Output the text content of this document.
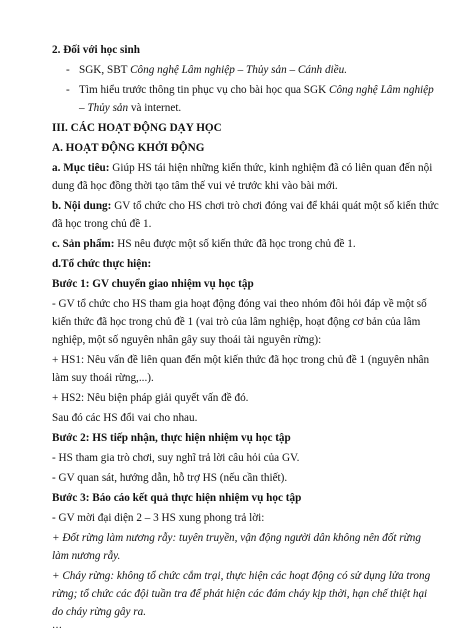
2. Đối với học sinh
- SGK, SBT Công nghệ Lâm nghiệp – Thủy sản – Cánh diều.
- Tìm hiểu trước thông tin phục vụ cho bài học qua SGK Công nghệ Lâm nghiệp
– Thủy sản và internet.
III. CÁC HOẠT ĐỘNG DẠY HỌC
A. HOẠT ĐỘNG KHỞI ĐỘNG
a. Mục tiêu: Giúp HS tái hiện những kiến thức, kinh nghiệm đã có liên quan đến nội
dung đã học đồng thời tạo tâm thế vui vẻ trước khi vào bài mới.
b. Nội dung: GV tổ chức cho HS chơi trò chơi đóng vai để khái quát một số kiến thức
đã học trong chủ đề 1.
c. Sản phẩm: HS nêu được một số kiến thức đã học trong chủ đề 1.
d.Tổ chức thực hiện:
Bước 1: GV chuyển giao nhiệm vụ học tập
- GV tổ chức cho HS tham gia hoạt động đóng vai theo nhóm đôi hỏi đáp về một số
kiến thức đã học trong chủ đề 1 (vai trò của lâm nghiệp, hoạt động cơ bản của lâm
nghiệp, một số nguyên nhân gây suy thoái tài nguyên rừng):
+ HS1: Nêu vấn đề liên quan đến một kiến thức đã học trong chủ đề 1 (nguyên nhân
làm suy thoái rừng,...).
+ HS2: Nêu biện pháp giải quyết vấn đề đó.
Sau đó các HS đổi vai cho nhau.
Bước 2: HS tiếp nhận, thực hiện nhiệm vụ học tập
- HS tham gia trò chơi, suy nghĩ trả lời câu hỏi của GV.
- GV quan sát, hướng dẫn, hỗ trợ HS (nếu cần thiết).
Bước 3: Báo cáo kết quả thực hiện nhiệm vụ học tập
- GV mời đại diện 2 – 3 HS xung phong trả lời:
+ Đốt rừng làm nương rẫy: tuyên truyền, vận động người dân không nên đốt rừng
làm nương rẫy.
+ Cháy rừng: không tổ chức cắm trại, thực hiện các hoạt động có sử dụng lửa trong
rừng; tổ chức các đội tuần tra để phát hiện các đám cháy kịp thời, hạn chế thiệt hại
do cháy rừng gây ra.
…
